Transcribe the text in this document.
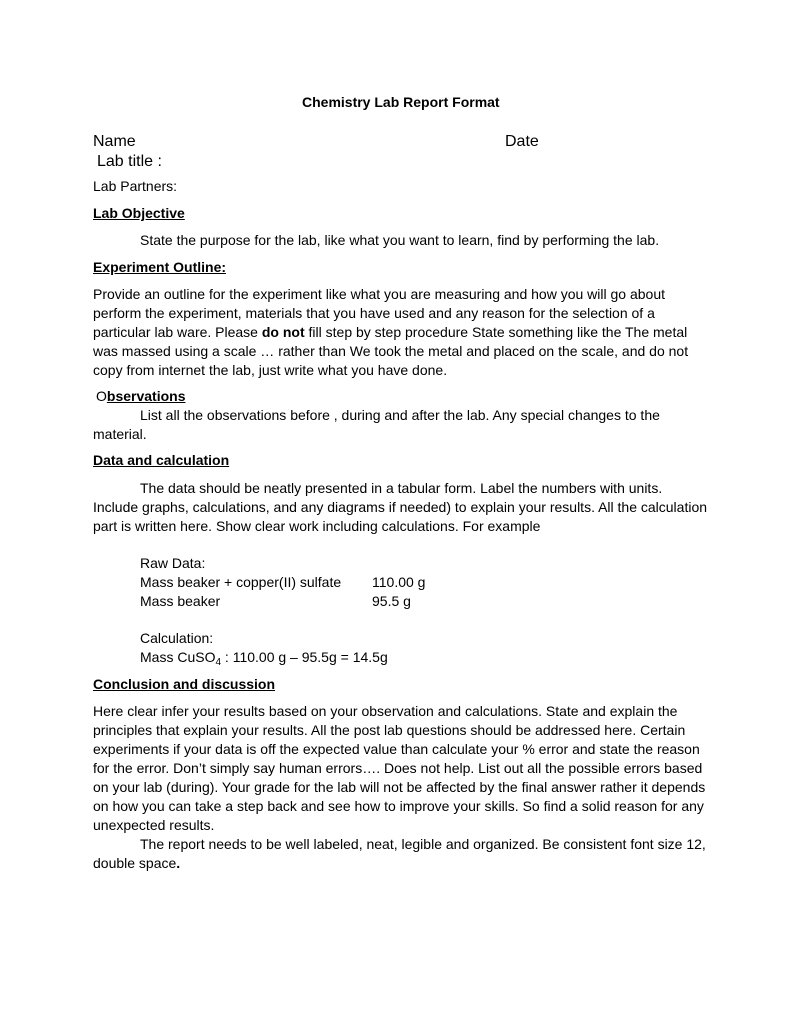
Chemistry Lab Report Format
Name	Date
Lab title :
Lab Partners:
Lab Objective
State the purpose for the lab, like what you want to learn, find by performing the lab.
Experiment Outline:
Provide an outline for the experiment like what you are measuring and how you will go about perform the experiment, materials that you have used and any reason for the selection of a particular lab ware. Please do not fill step by step procedure State something like the The metal was massed using a scale … rather than We took the metal and placed on the scale, and do not copy from internet the lab, just write what you have done.
Observations
List all the observations before , during and after the lab. Any special changes to the material.
Data and calculation
The data should be neatly presented in a tabular form. Label the numbers with units. Include graphs, calculations, and any diagrams if needed) to explain your results. All the calculation part is written here. Show clear work including calculations. For example
Raw Data:
Mass beaker + copper(II) sulfate 110.00 g
Mass beaker	95.5 g
Calculation:
Mass CuSO$_4$ : 110.00 g – 95.5g = 14.5g
Conclusion and discussion
Here clear infer your results based on your observation and calculations. State and explain the principles that explain your results. All the post lab questions should be addressed here. Certain experiments if your data is off the expected value than calculate your % error and state the reason for the error. Don’t simply say human errors…. Does not help. List out all the possible errors based on your lab (during). Your grade for the lab will not be affected by the final answer rather it depends on how you can take a step back and see how to improve your skills. So find a solid reason for any unexpected results.
The report needs to be well labeled, neat, legible and organized. Be consistent font size 12, double space.
